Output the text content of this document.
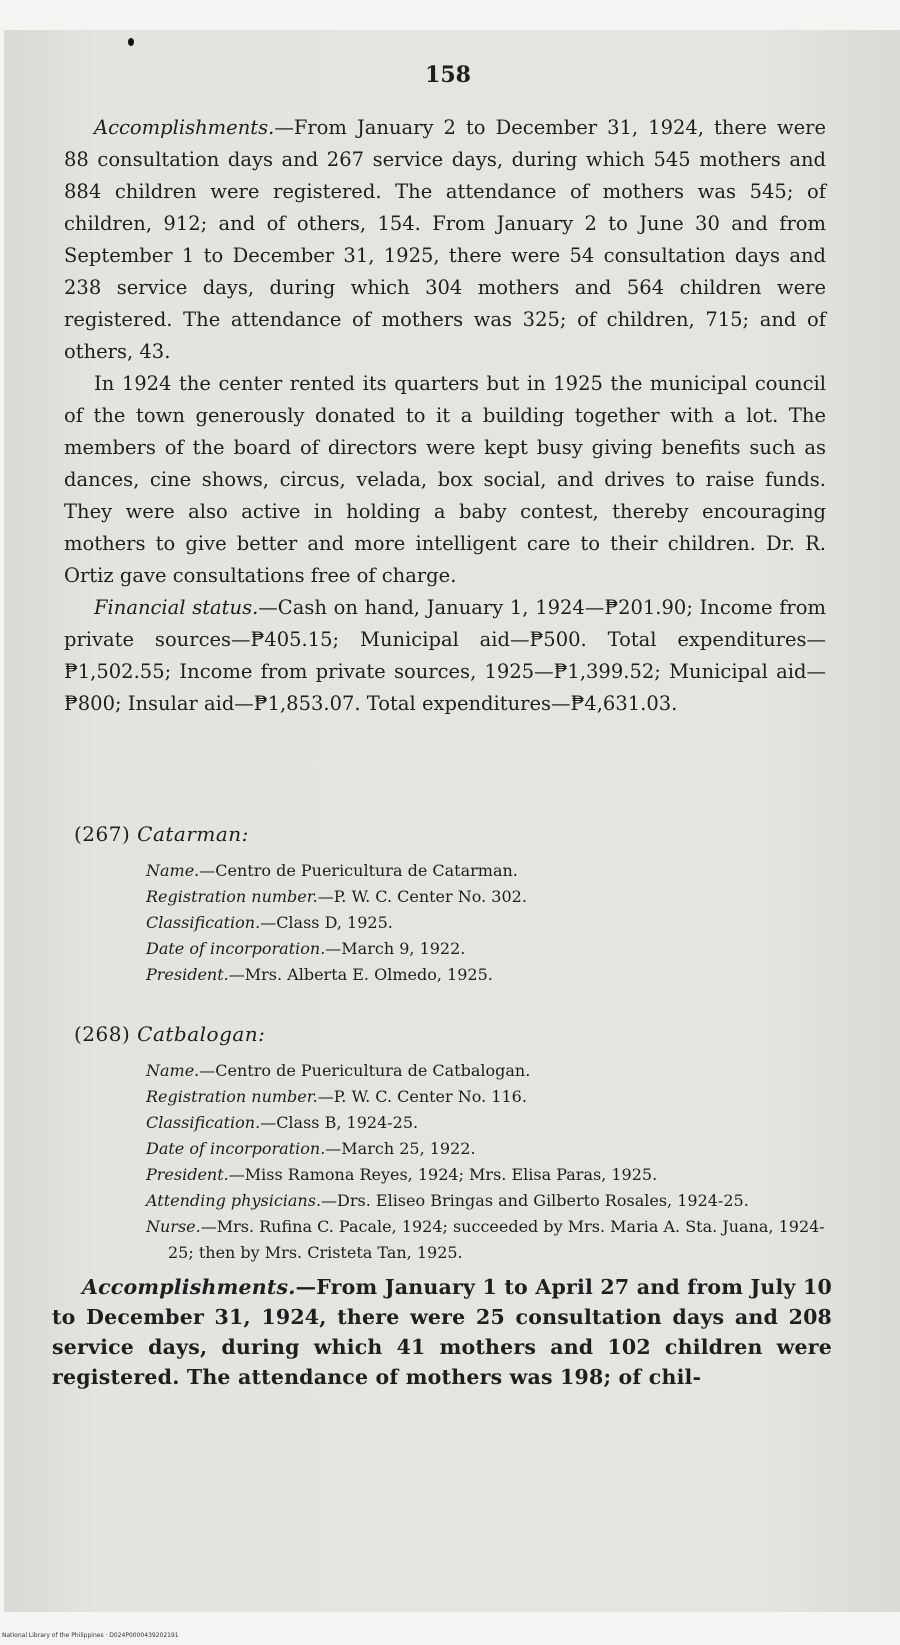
158

Accomplishments.—From January 2 to December 31, 1924, there were 88 consultation days and 267 service days, during which 545 mothers and 884 children were registered. The attendance of mothers was 545; of children, 912; and of others, 154. From January 2 to June 30 and from September 1 to December 31, 1925, there were 54 consultation days and 238 service days, during which 304 mothers and 564 children were registered. The attendance of mothers was 325; of children, 715; and of others, 43.

In 1924 the center rented its quarters but in 1925 the municipal council of the town generously donated to it a building together with a lot. The members of the board of directors were kept busy giving benefits such as dances, cine shows, circus, velada, box social, and drives to raise funds. They were also active in holding a baby contest, thereby encouraging mothers to give better and more intelligent care to their children. Dr. R. Ortiz gave consultations free of charge.

Financial status.—Cash on hand, January 1, 1924—₱201.90; Income from private sources—₱405.15; Municipal aid—₱500. Total expenditures—₱1,502.55; Income from private sources, 1925—₱1,399.52; Municipal aid—₱800; Insular aid—₱1,853.07. Total expenditures—₱4,631.03.

(267) Catarman:

Name.—Centro de Puericultura de Catarman.

Registration number.—P. W. C. Center No. 302.

Classification.—Class D, 1925.

Date of incorporation.—March 9, 1922.

President.—Mrs. Alberta E. Olmedo, 1925.

(268) Catbalogan:

Name.—Centro de Puericultura de Catbalogan.

Registration number.—P. W. C. Center No. 116.

Classification.—Class B, 1924-25.

Date of incorporation.—March 25, 1922.

President.—Miss Ramona Reyes, 1924; Mrs. Elisa Paras, 1925.

Attending physicians.—Drs. Eliseo Bringas and Gilberto Rosales, 1924-25.

Nurse.—Mrs. Rufina C. Pacale, 1924; succeeded by Mrs. Maria A. Sta. Juana, 1924-25; then by Mrs. Cristeta Tan, 1925.

Accomplishments.—From January 1 to April 27 and from July 10 to December 31, 1924, there were 25 consultation days and 208 service days, during which 41 mothers and 102 children were registered. The attendance of mothers was 198; of chil-

National Library of the Philippines · D024P0000439202191
